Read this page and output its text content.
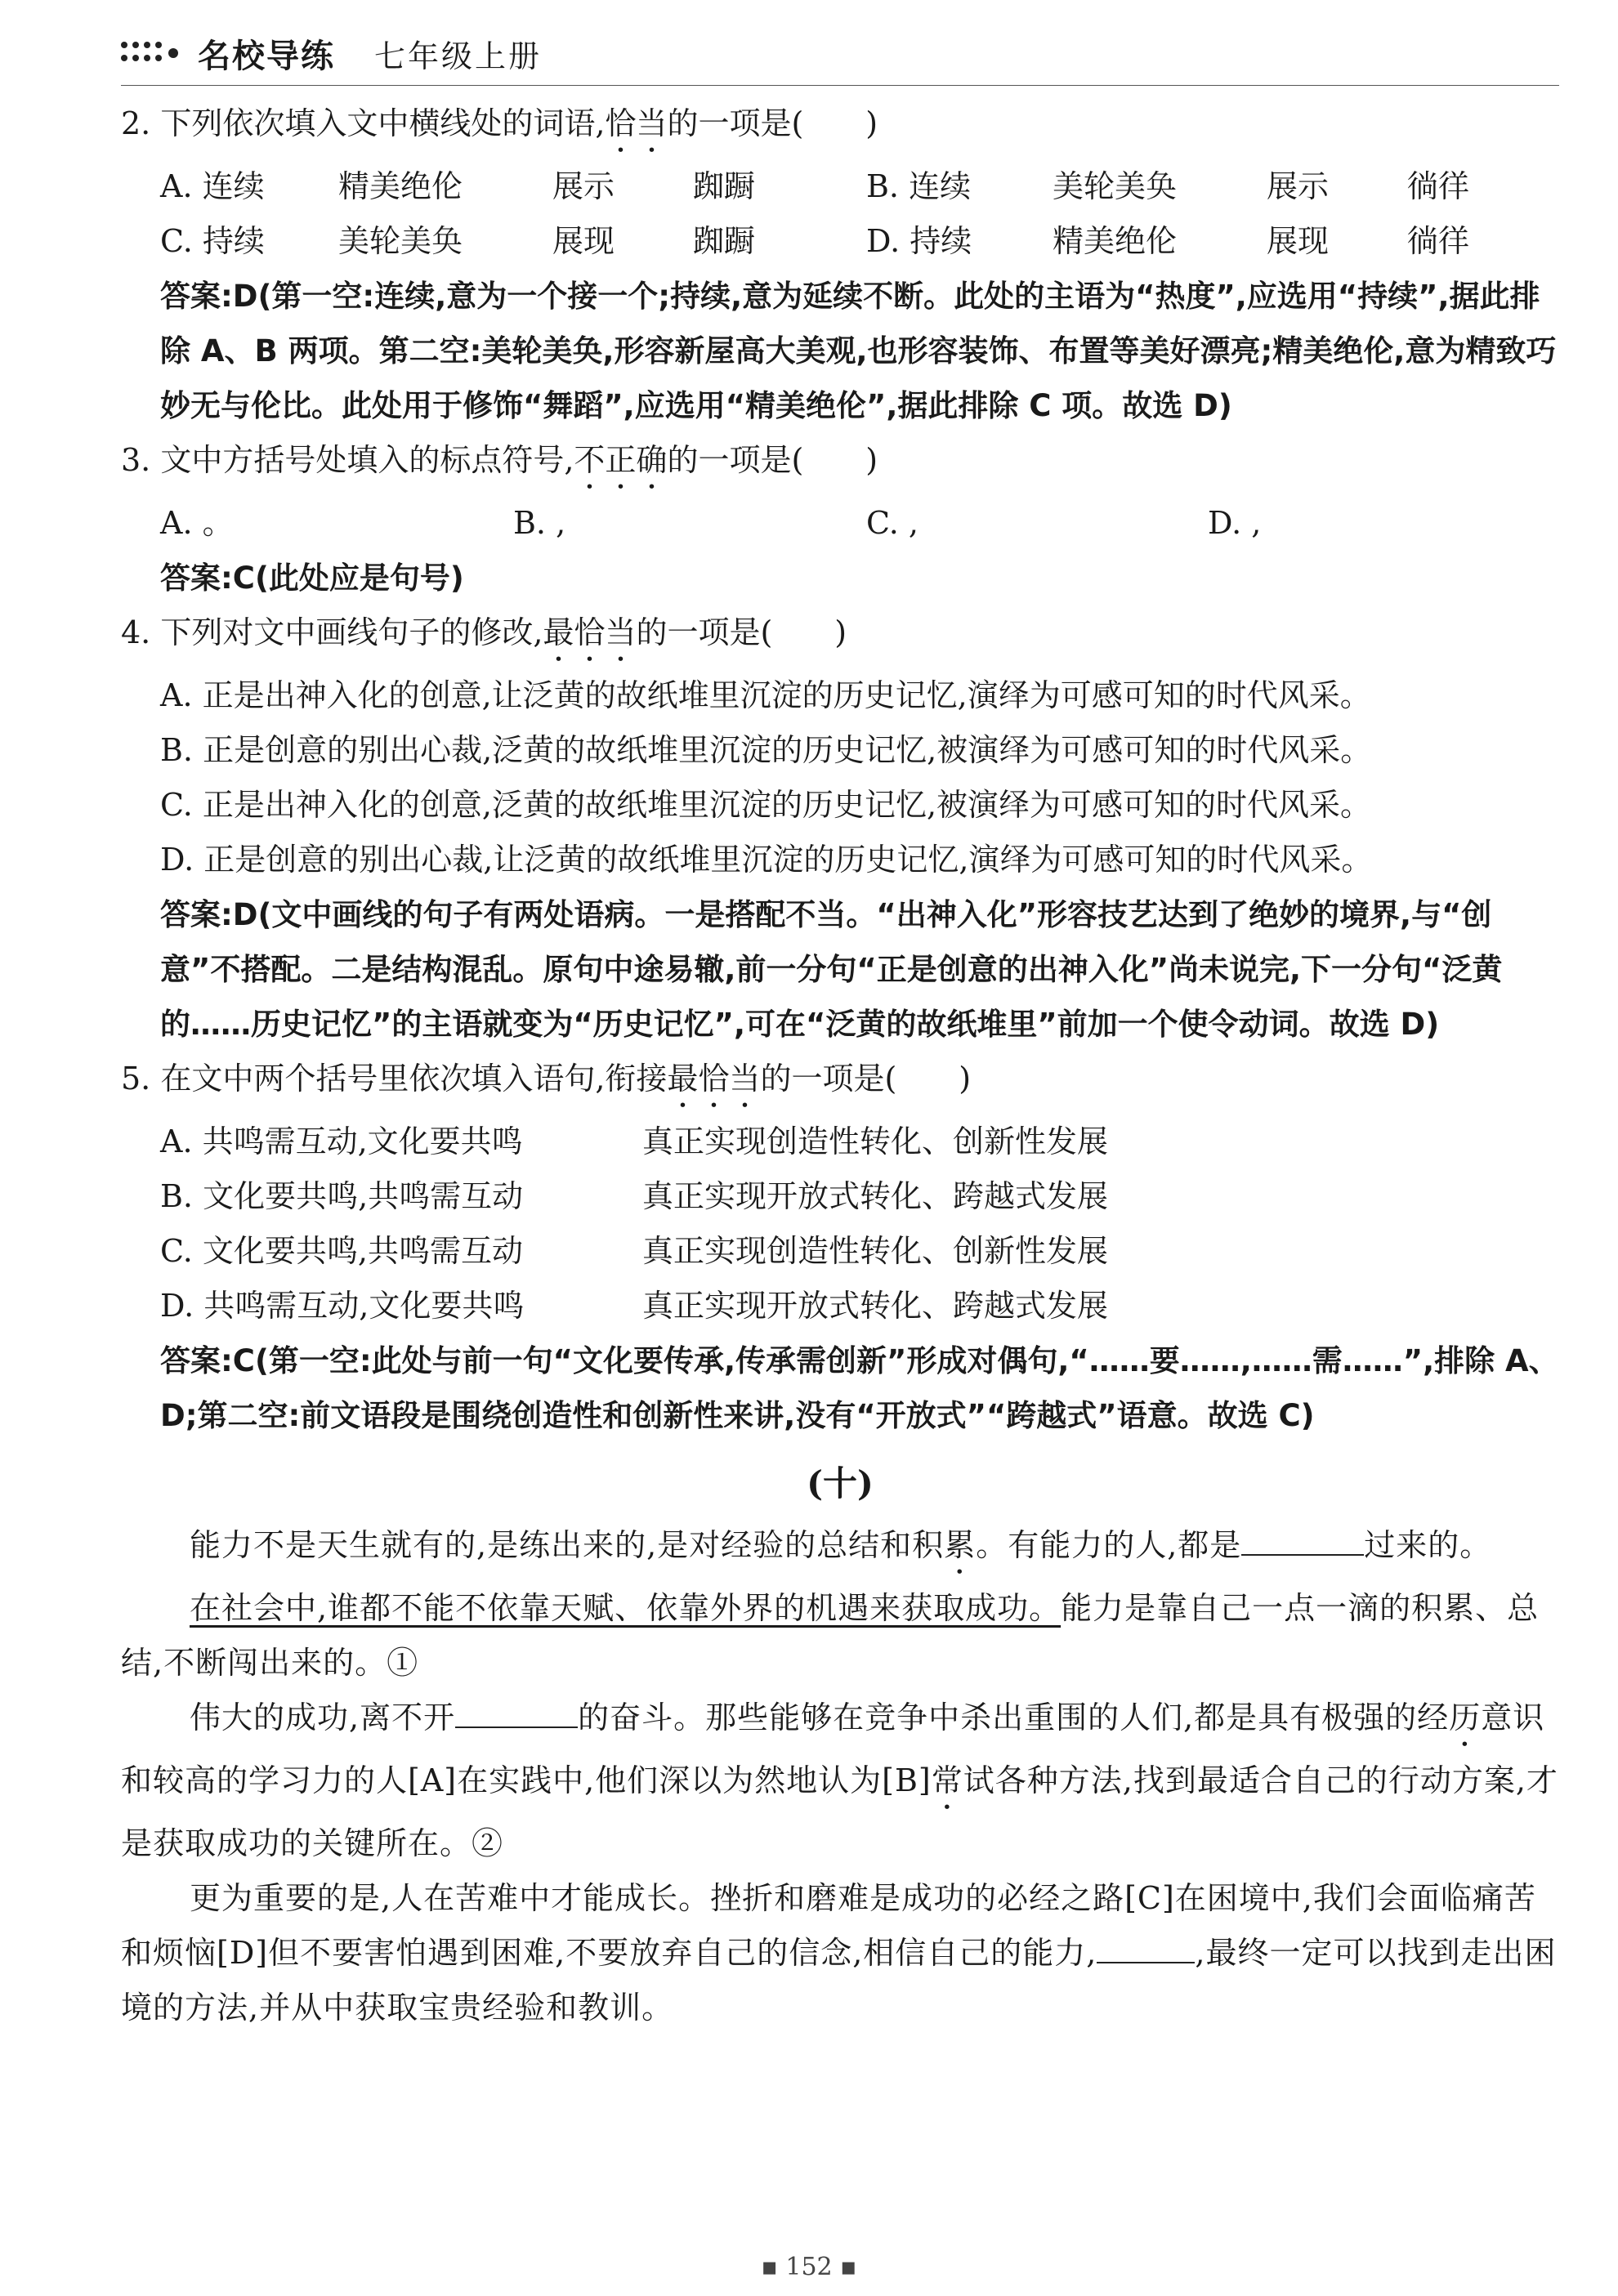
名校导练 七年级上册
2. 下列依次填入文中横线处的词语,恰当的一项是(　　)
A. 连续	精美绝伦	展示	踟蹰	B. 连续	美轮美奂	展示	徜徉
C. 持续	美轮美奂	展现	踟蹰	D. 持续	精美绝伦	展现	徜徉
答案:D(第一空:连续,意为一个接一个;持续,意为延续不断。此处的主语为“热度”,应选用“持续”,据此排除 A、B 两项。第二空:美轮美奂,形容新屋高大美观,也形容装饰、布置等美好漂亮;精美绝伦,意为精致巧妙无与伦比。此处用于修饰“舞蹈”,应选用“精美绝伦”,据此排除 C 项。故选 D)
3. 文中方括号处填入的标点符号,不正确的一项是(　　)
A. 。	B. ,	C. ,	D. ,
答案:C(此处应是句号)
4. 下列对文中画线句子的修改,最恰当的一项是(　　)
A. 正是出神入化的创意,让泛黄的故纸堆里沉淀的历史记忆,演绎为可感可知的时代风采。
B. 正是创意的别出心裁,泛黄的故纸堆里沉淀的历史记忆,被演绎为可感可知的时代风采。
C. 正是出神入化的创意,泛黄的故纸堆里沉淀的历史记忆,被演绎为可感可知的时代风采。
D. 正是创意的别出心裁,让泛黄的故纸堆里沉淀的历史记忆,演绎为可感可知的时代风采。
答案:D(文中画线的句子有两处语病。一是搭配不当。“出神入化”形容技艺达到了绝妙的境界,与“创意”不搭配。二是结构混乱。原句中途易辙,前一分句“正是创意的出神入化”尚未说完,下一分句“泛黄的……历史记忆”的主语就变为“历史记忆”,可在“泛黄的故纸堆里”前加一个使令动词。故选 D)
5. 在文中两个括号里依次填入语句,衔接最恰当的一项是(　　)
A. 共鸣需互动,文化要共鸣	真正实现创造性转化、创新性发展
B. 文化要共鸣,共鸣需互动	真正实现开放式转化、跨越式发展
C. 文化要共鸣,共鸣需互动	真正实现创造性转化、创新性发展
D. 共鸣需互动,文化要共鸣	真正实现开放式转化、跨越式发展
答案:C(第一空:此处与前一句“文化要传承,传承需创新”形成对偶句,“……要……,……需……”,排除 A、D;第二空:前文语段是围绕创造性和创新性来讲,没有“开放式”“跨越式”语意。故选 C)
(十)
能力不是天生就有的,是练出来的,是对经验的总结和积累。有能力的人,都是	过来的。
在社会中,谁都不能不依靠天赋、依靠外界的机遇来获取成功。能力是靠自己一点一滴的积累、总结,不断闯出来的。①
伟大的成功,离不开	的奋斗。那些能够在竞争中杀出重围的人们,都是具有极强的经历意识和较高的学习力的人[A]在实践中,他们深以为然地认为[B]常试各种方法,找到最适合自己的行动方案,才是获取成功的关键所在。②
更为重要的是,人在苦难中才能成长。挫折和磨难是成功的必经之路[C]在困境中,我们会面临痛苦和烦恼[D]但不要害怕遇到困难,不要放弃自己的信念,相信自己的能力,	,最终一定可以找到走出困境的方法,并从中获取宝贵经验和教训。
▪ 152 ▪
